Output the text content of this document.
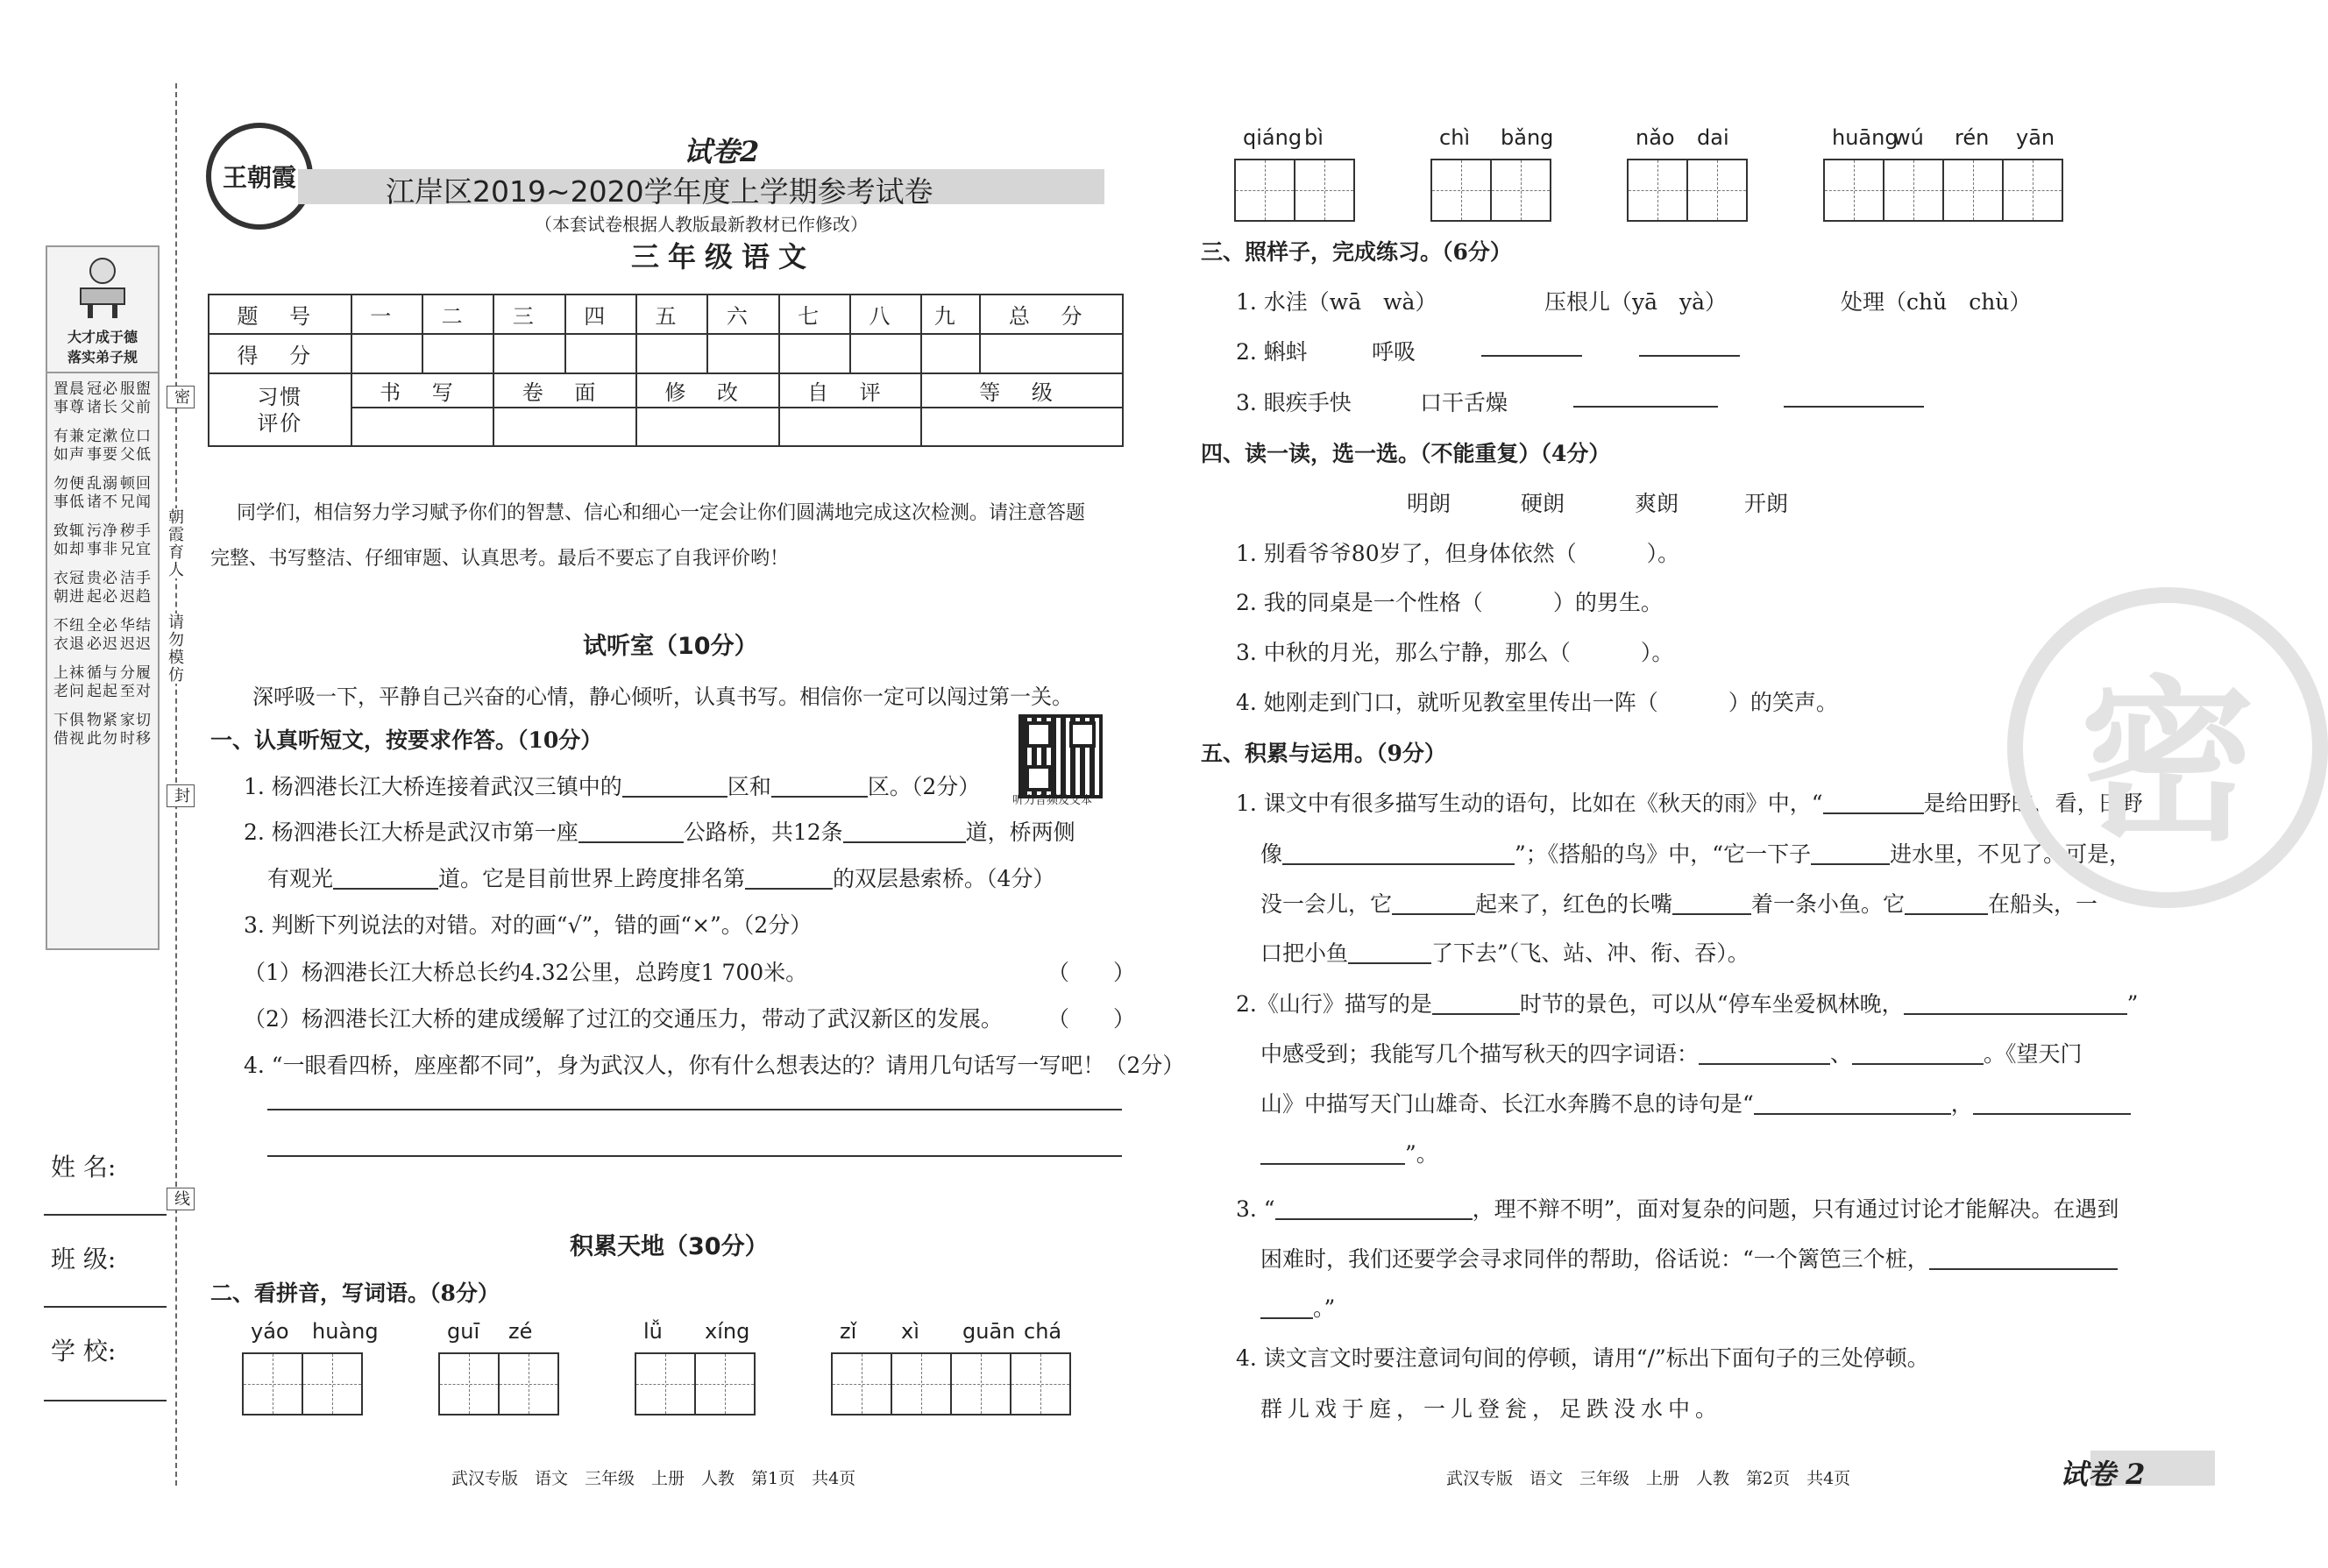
大才成于德
落实弟子规
置晨事尊
冠必诸长
服盥父前
有兼如声
定漱事要
位口父低
勿便事低
乱溺诸不
顿回兄闻
致辄如却
污净事非
秽手兄宜
衣冠朝进
贵必起必
洁手迟趋
不纽衣退
全必必迟
华结迟迟
上袜老问
循与起起
分履至对
下俱借视
物紧此勿
家切时移
密
朝霞育人
请勿模仿
封
线
姓 名:
班 级:
学 校:
王朝霞
试卷2
江岸区2019~2020学年度上学期参考试卷
（本套试卷根据人教版最新教材已作修改）
三年级语文
题 号	一	二	三	四	五	六	七	八	九	总 分
得 分										

习惯
评价	书 写		卷 面		修 改		自 评		等 级	

同学们，相信努力学习赋予你们的智慧、信心和细心一定会让你们圆满地完成这次检测。请注意答题
完整、书写整洁、仔细审题、认真思考。最后不要忘了自我评价哟！
试听室（10分）
深呼吸一下，平静自己兴奋的心情，静心倾听，认真书写。相信你一定可以闯过第一关。
一、认真听短文，按要求作答。（10分）
听力音频及文本
1. 杨泗港长江大桥连接着武汉三镇中的	区和	区。（2分）
2. 杨泗港长江大桥是武汉市第一座	公路桥，共12条	道，桥两侧
有观光	道。它是目前世界上跨度排名第	的双层悬索桥。（4分）
3. 判断下列说法的对错。对的画“√”，错的画“×”。（2分）
（1）杨泗港长江大桥总长约4.32公里，总跨度1 700米。	（　　）
（2）杨泗港长江大桥的建成缓解了过江的交通压力，带动了武汉新区的发展。 （　　）
4. “一眼看四桥，座座都不同”，身为武汉人，你有什么想表达的？请用几句话写一写吧！（2分）
积累天地（30分）
二、看拼音，写词语。（8分）
yáo huàng	guī zé	lǚ xíng	zǐ xì guān chá
qiáng bì	chì bǎng	nǎo dai	huāng
wú rén yān
三、照样子，完成练习。（6分）
1. 水洼（wā　wà）	压根儿（yā　yà）	处理（chǔ　chù）
2. 蝌蚪	呼吸
3. 眼疾手快	口干舌燥
四、读一读，选一选。（不能重复）（4分）
明朗	硬朗	爽朗	开朗
1. 别看爷爷80岁了，但身体依然（	）。
2. 我的同桌是一个性格（	）的男生。
3. 中秋的月光，那么宁静，那么（	）。
4. 她刚走到门口，就听见教室里传出一阵（	）的笑声。
五、积累与运用。（9分）
1. 课文中有很多描写生动的语句，比如在《秋天的雨》中，“	是给田野的，看，田野
像	”；《搭船的鸟》中，“它一下子	进水里，不见了。可是，
没一会儿，它	起来了，红色的长嘴	着一条小鱼。它	在船头，一
口把小鱼	了下去”（飞、站、冲、衔、吞）。
2.《山行》描写的是	时节的景色，可以从“停车坐爱枫林晚，	”
中感受到；我能写几个描写秋天的四字词语：	、	。《望天门
山》中描写天门山雄奇、长江水奔腾不息的诗句是“	，
”。
3. “	，理不辩不明”，面对复杂的问题，只有通过讨论才能解决。在遇到
困难时，我们还要学会寻求同伴的帮助，俗话说：“一个篱笆三个桩，
。”
4. 读文言文时要注意词句间的停顿，请用“/”标出下面句子的三处停顿。
群儿戏于庭，一儿登瓮，足跌没水中。
密
武汉专版　语文　三年级　上册　人教　第1页　共4页	武汉专版　语文　三年级　上册　人教　第2页　共4页	试卷 2
